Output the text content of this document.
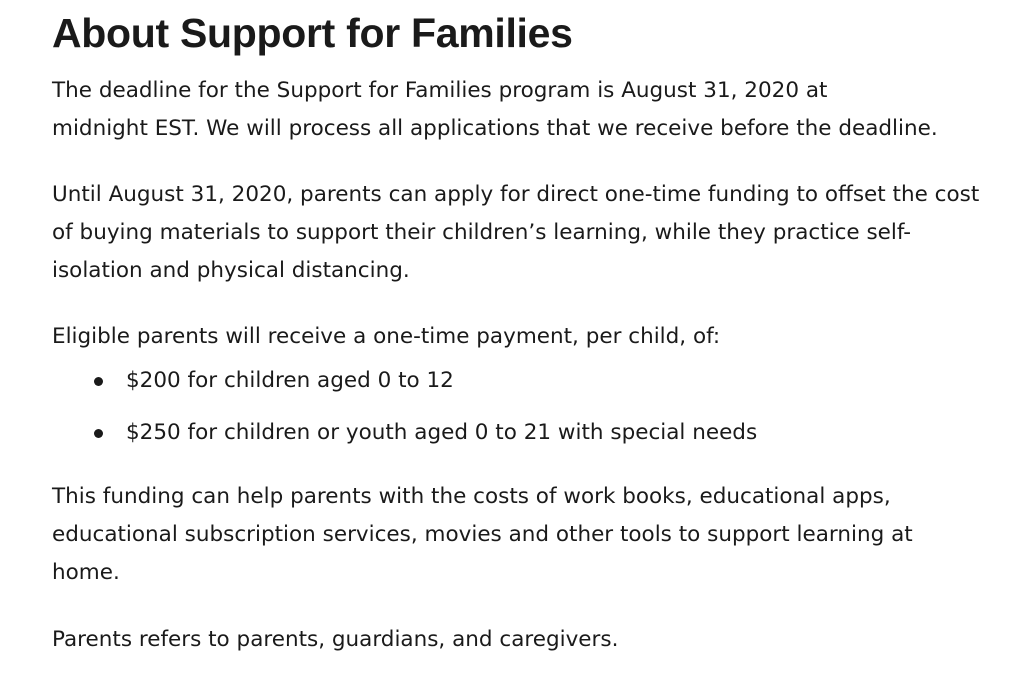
About Support for Families

The deadline for the Support for Families program is August 31, 2020 at
midnight EST. We will process all applications that we receive before the deadline.

Until August 31, 2020, parents can apply for direct one-time funding to offset the cost
of buying materials to support their children’s learning, while they practice self-
isolation and physical distancing.

Eligible parents will receive a one-time payment, per child, of:

$200 for children aged 0 to 12
$250 for children or youth aged 0 to 21 with special needs

This funding can help parents with the costs of work books, educational apps,
educational subscription services, movies and other tools to support learning at
home.

Parents refers to parents, guardians, and caregivers.
